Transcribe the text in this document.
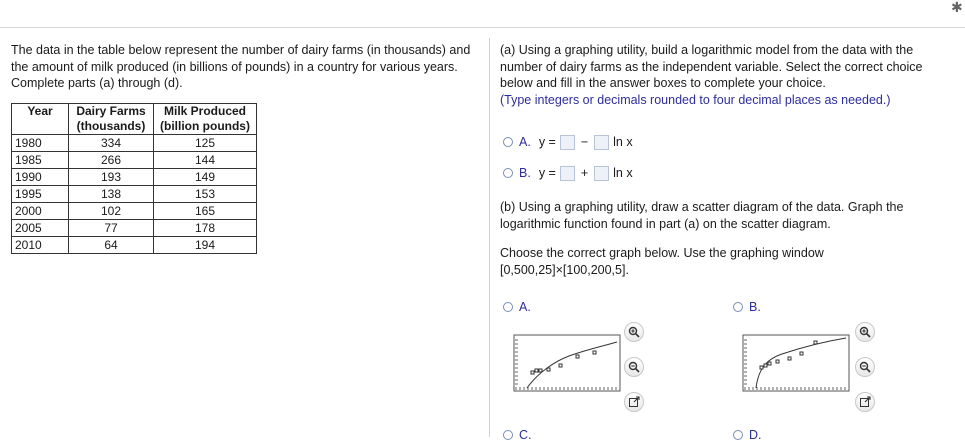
✱
The data in the table below represent the number of dairy farms (in thousands) and the amount of milk produced (in billions of pounds) in a country for various years. Complete parts (a) through (d).
Year	Dairy Farms (thousands)	Milk Produced (billion pounds)
1980	334	125
1985	266	144
1990	193	149
1995	138	153
2000	102	165
2005	77	178
2010	64	194
(a) Using a graphing utility, build a logarithmic model from the data with the number of dairy farms as the independent variable. Select the correct choice below and fill in the answer boxes to complete your choice.
(Type integers or decimals rounded to four decimal places as needed.)
A. y = − ln x
B. y = + ln x
(b) Using a graphing utility, draw a scatter diagram of the data. Graph the logarithmic function found in part (a) on the scatter diagram.
Choose the correct graph below. Use the graphing window [0,500,25]×[100,200,5].
A.	B.
C.	D.
